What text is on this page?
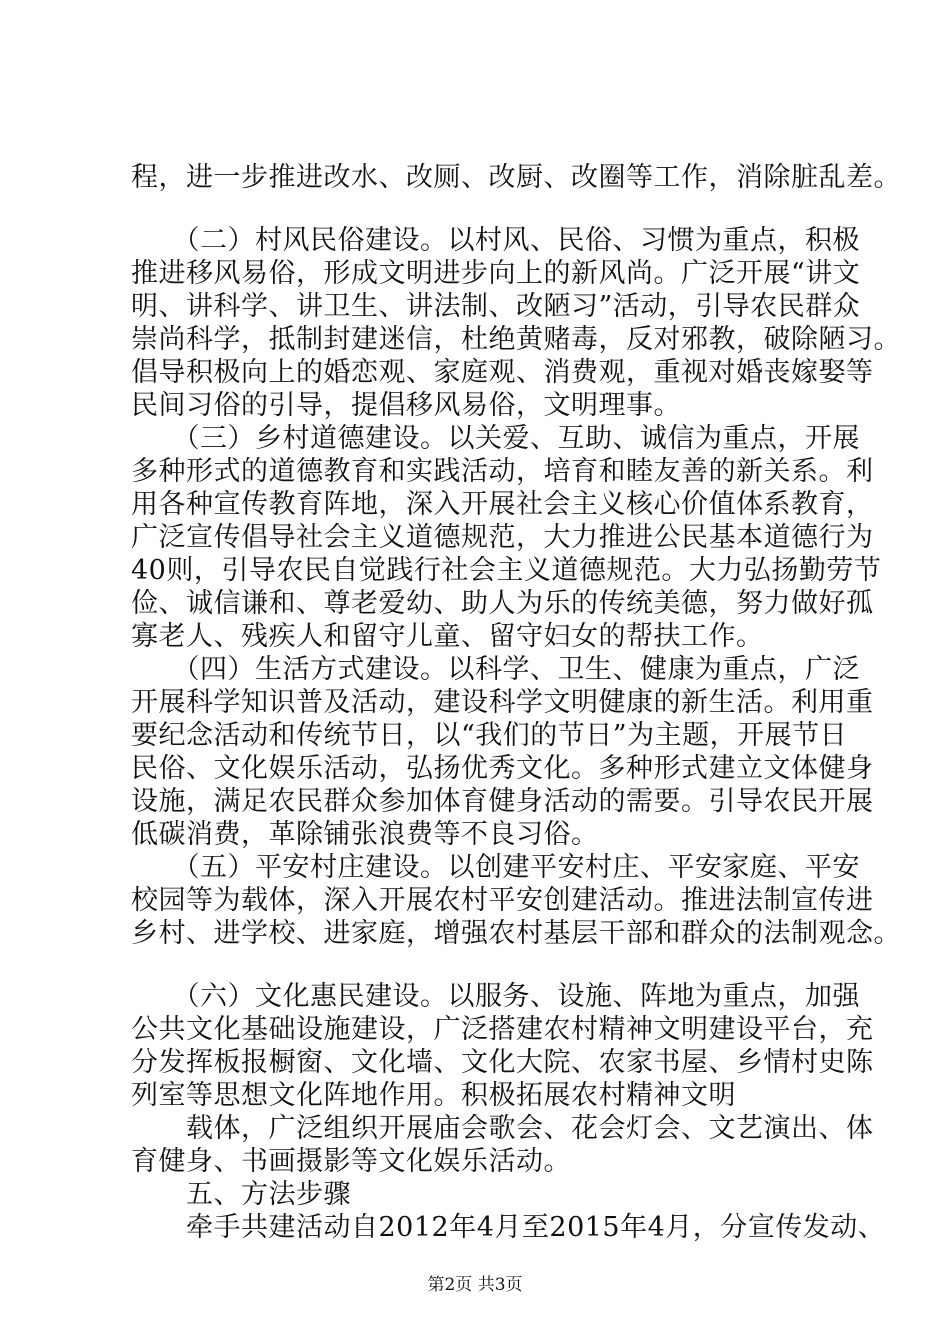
程，进一步推进改水、改厕、改厨、改圈等工作，消除脏乱差。
　　（二）村风民俗建设。以村风、民俗、习惯为重点，积极
推进移风易俗，形成文明进步向上的新风尚。广泛开展“讲文
明、讲科学、讲卫生、讲法制、改陋习”活动，引导农民群众
崇尚科学，抵制封建迷信，杜绝黄赌毒，反对邪教，破除陋习。
倡导积极向上的婚恋观、家庭观、消费观，重视对婚丧嫁娶等
民间习俗的引导，提倡移风易俗，文明理事。
　　（三）乡村道德建设。以关爱、互助、诚信为重点，开展
多种形式的道德教育和实践活动，培育和睦友善的新关系。利
用各种宣传教育阵地，深入开展社会主义核心价值体系教育，
广泛宣传倡导社会主义道德规范，大力推进公民基本道德行为
40则，引导农民自觉践行社会主义道德规范。大力弘扬勤劳节
俭、诚信谦和、尊老爱幼、助人为乐的传统美德，努力做好孤
寡老人、残疾人和留守儿童、留守妇女的帮扶工作。
　　（四）生活方式建设。以科学、卫生、健康为重点，广泛
开展科学知识普及活动，建设科学文明健康的新生活。利用重
要纪念活动和传统节日，以“我们的节日”为主题，开展节日
民俗、文化娱乐活动，弘扬优秀文化。多种形式建立文体健身
设施，满足农民群众参加体育健身活动的需要。引导农民开展
低碳消费，革除铺张浪费等不良习俗。
　　（五）平安村庄建设。以创建平安村庄、平安家庭、平安
校园等为载体，深入开展农村平安创建活动。推进法制宣传进
乡村、进学校、进家庭，增强农村基层干部和群众的法制观念。
　　（六）文化惠民建设。以服务、设施、阵地为重点，加强
公共文化基础设施建设，广泛搭建农村精神文明建设平台，充
分发挥板报橱窗、文化墙、文化大院、农家书屋、乡情村史陈
列室等思想文化阵地作用。积极拓展农村精神文明
　　载体，广泛组织开展庙会歌会、花会灯会、文艺演出、体
育健身、书画摄影等文化娱乐活动。
　　五、方法步骤
　　牵手共建活动自2012年4月至2015年4月，分宣传发动、
第2页 共3页
